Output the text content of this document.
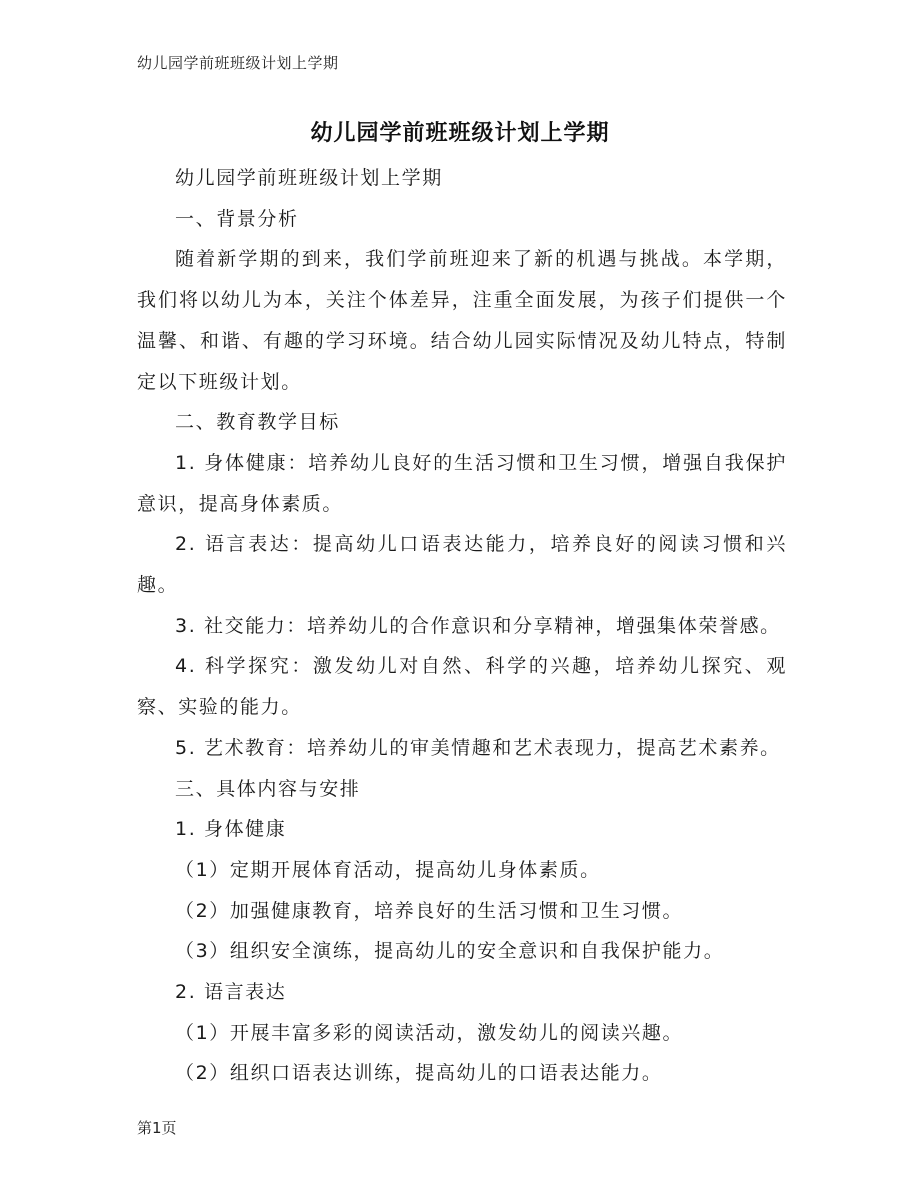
幼儿园学前班班级计划上学期
幼儿园学前班班级计划上学期

幼儿园学前班班级计划上学期

一、背景分析

随着新学期的到来，我们学前班迎来了新的机遇与挑战。本学期，我们将以幼儿为本，关注个体差异，注重全面发展，为孩子们提供一个温馨、和谐、有趣的学习环境。结合幼儿园实际情况及幼儿特点，特制定以下班级计划。

二、教育教学目标

1. 身体健康：培养幼儿良好的生活习惯和卫生习惯，增强自我保护意识，提高身体素质。

2. 语言表达：提高幼儿口语表达能力，培养良好的阅读习惯和兴趣。

3. 社交能力：培养幼儿的合作意识和分享精神，增强集体荣誉感。

4. 科学探究：激发幼儿对自然、科学的兴趣，培养幼儿探究、观察、实验的能力。

5. 艺术教育：培养幼儿的审美情趣和艺术表现力，提高艺术素养。

三、具体内容与安排

1. 身体健康

（1）定期开展体育活动，提高幼儿身体素质。

（2）加强健康教育，培养良好的生活习惯和卫生习惯。

（3）组织安全演练，提高幼儿的安全意识和自我保护能力。

2. 语言表达

（1）开展丰富多彩的阅读活动，激发幼儿的阅读兴趣。

（2）组织口语表达训练，提高幼儿的口语表达能力。

第1页
